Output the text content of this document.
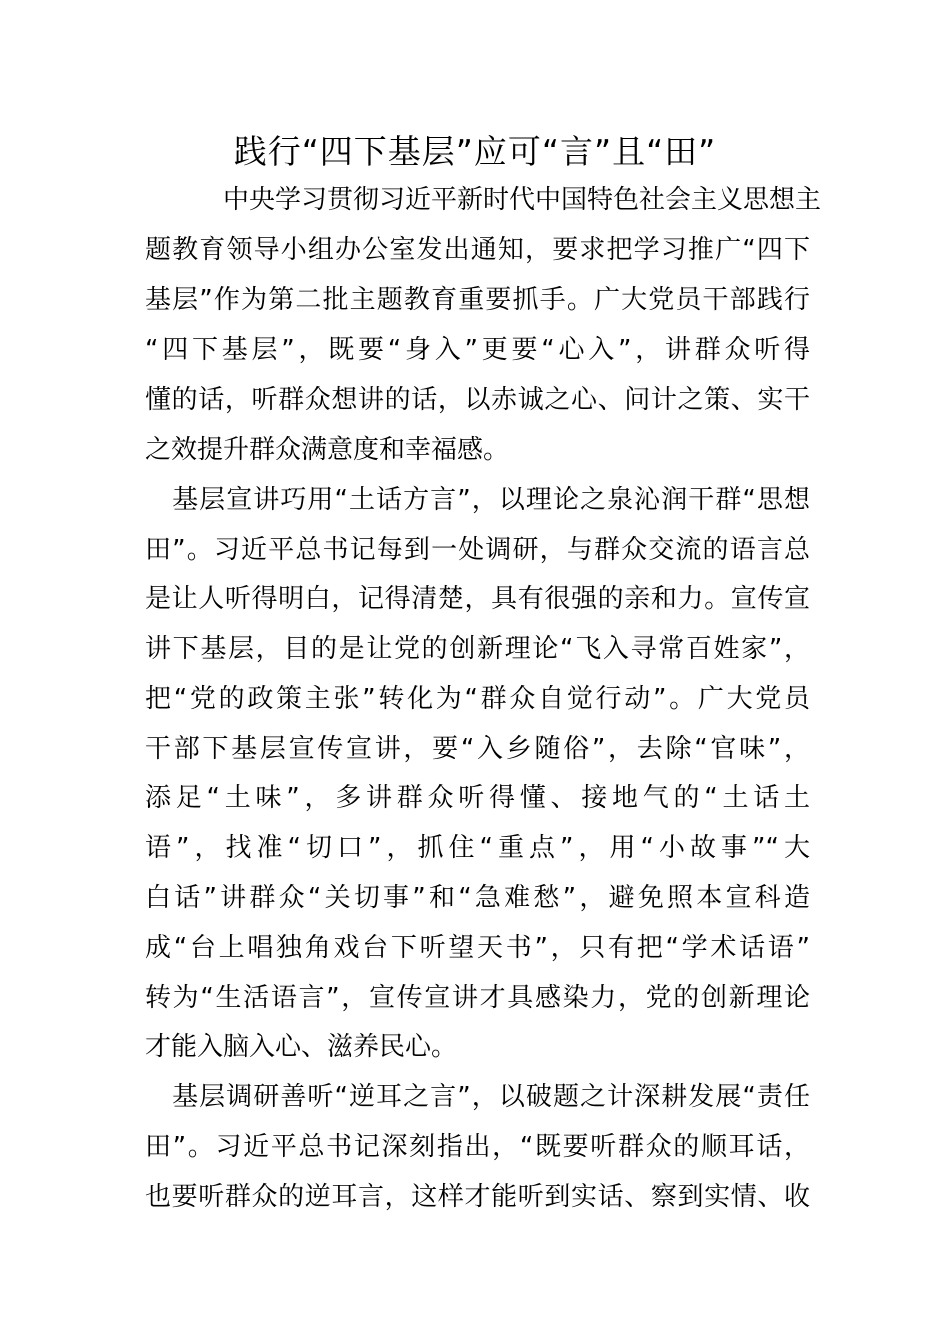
践行“四下基层”应可“言”且“田”

　　　中央学习贯彻习近平新时代中国特色社会主义思想主

题教育领导小组办公室发出通知，要求把学习推广“四下

基层”作为第二批主题教育重要抓手。广大党员干部践行

“四下基层”，既要“身入”更要“心入”，讲群众听得

懂的话，听群众想讲的话，以赤诚之心、问计之策、实干

之效提升群众满意度和幸福感。

　基层宣讲巧用“土话方言”，以理论之泉沁润干群“思想

田”。习近平总书记每到一处调研，与群众交流的语言总

是让人听得明白，记得清楚，具有很强的亲和力。宣传宣

讲下基层，目的是让党的创新理论“飞入寻常百姓家”，

把“党的政策主张”转化为“群众自觉行动”。广大党员

干部下基层宣传宣讲，要“入乡随俗”，去除“官味”，

添足“土味”，多讲群众听得懂、接地气的“土话土

语”，找准“切口”，抓住“重点”，用“小故事”“大

白话”讲群众“关切事”和“急难愁”，避免照本宣科造

成“台上唱独角戏台下听望天书”，只有把“学术话语”

转为“生活语言”，宣传宣讲才具感染力，党的创新理论

才能入脑入心、滋养民心。

　基层调研善听“逆耳之言”，以破题之计深耕发展“责任

田”。习近平总书记深刻指出，“既要听群众的顺耳话，

也要听群众的逆耳言，这样才能听到实话、察到实情、收
